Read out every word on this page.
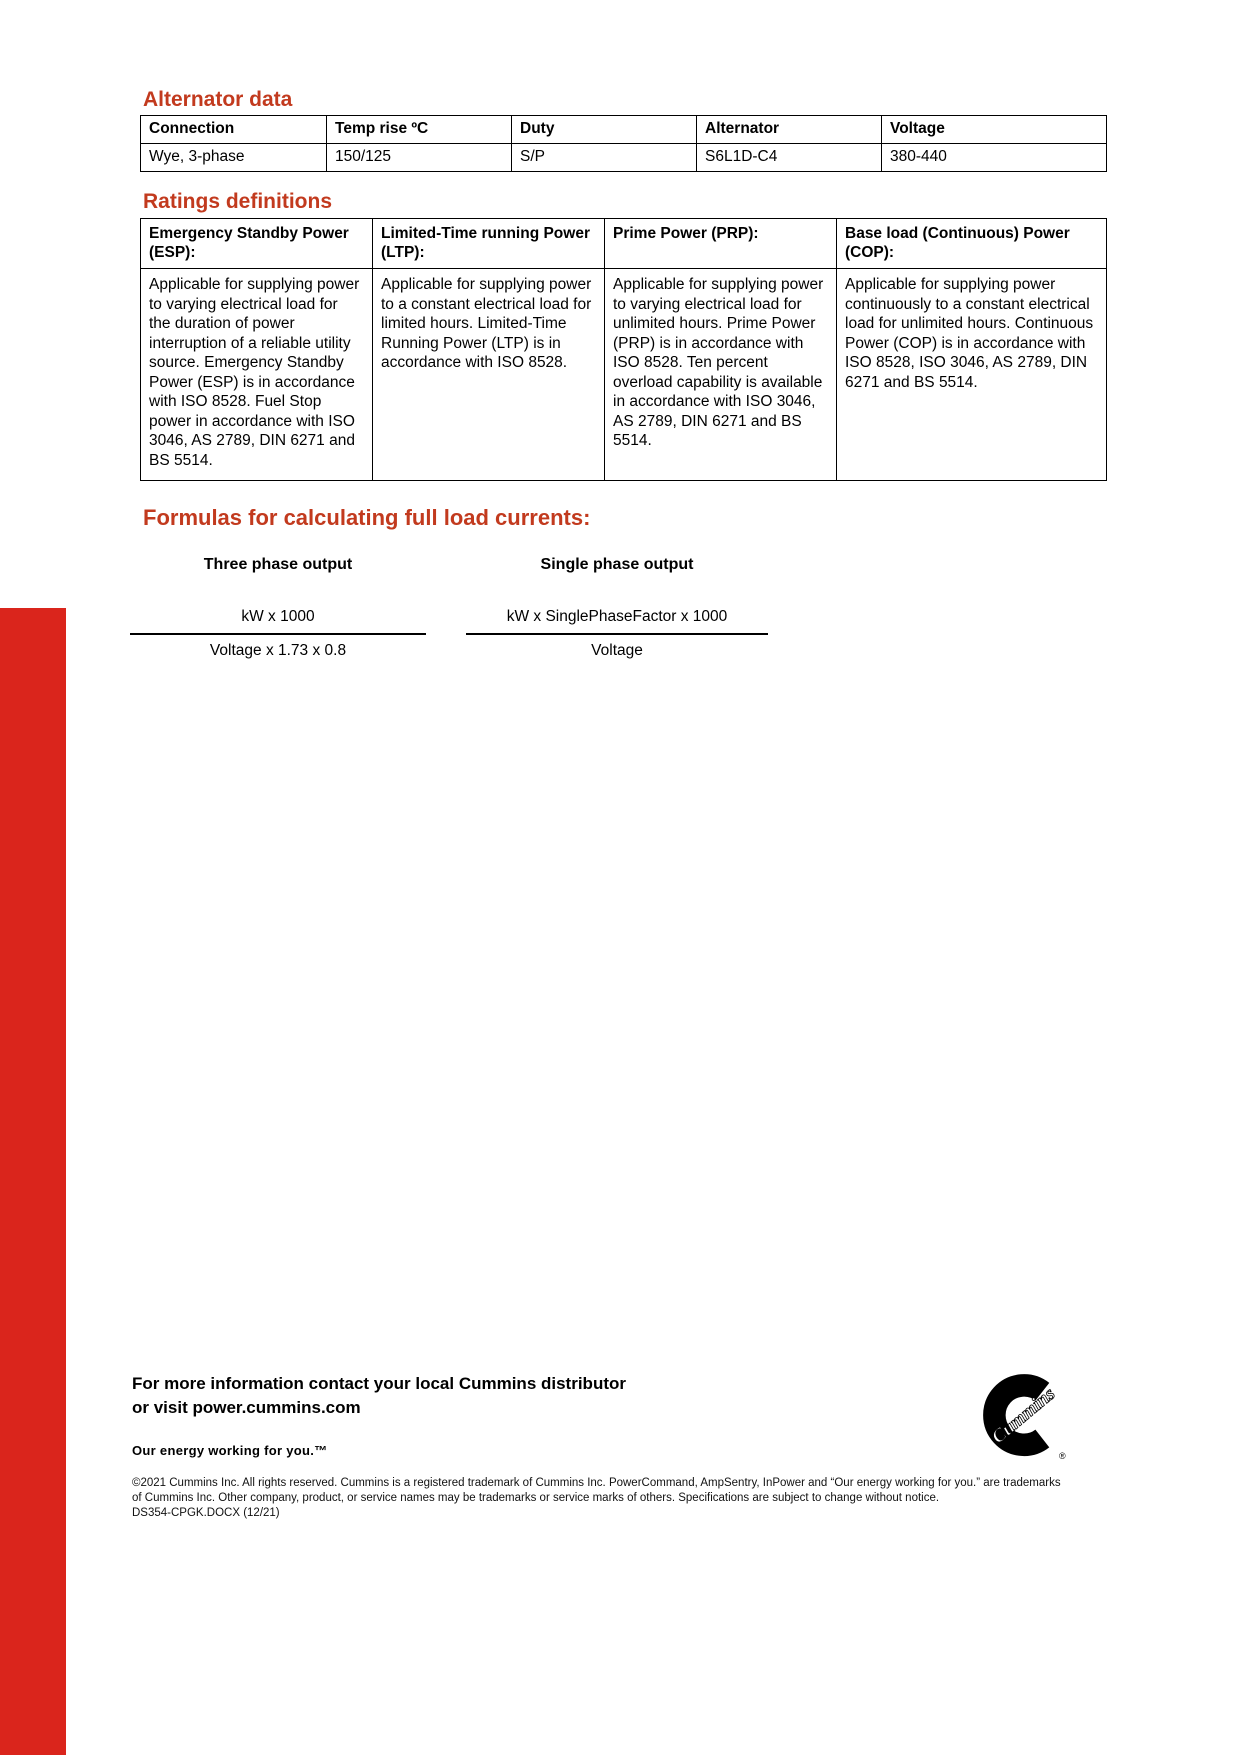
Alternator data
Connection	Temp rise ºC	Duty	Alternator	Voltage
Wye, 3-phase	150/125	S/P	S6L1D-C4	380-440
Ratings definitions
Emergency Standby Power (ESP):	Limited-Time running Power (LTP):	Prime Power (PRP):	Base load (Continuous) Power (COP):
Applicable for supplying power to varying electrical load for the duration of power interruption of a reliable utility source. Emergency Standby Power (ESP) is in accordance with ISO 8528. Fuel Stop power in accordance with ISO 3046, AS 2789, DIN 6271 and BS 5514.	Applicable for supplying power to a constant electrical load for limited hours. Limited-Time Running Power (LTP) is in accordance with ISO 8528.	Applicable for supplying power to varying electrical load for unlimited hours. Prime Power (PRP) is in accordance with ISO 8528. Ten percent overload capability is available in accordance with ISO 3046, AS 2789, DIN 6271 and BS 5514.	Applicable for supplying power continuously to a constant electrical load for unlimited hours. Continuous Power (COP) is in accordance with ISO 8528, ISO 3046, AS 2789, DIN 6271 and BS 5514.
Formulas for calculating full load currents:
Three phase output
kW x 1000
Voltage x 1.73 x 0.8
Single phase output
kW x SinglePhaseFactor x 1000
Voltage
For more information contact your local Cummins distributor
or visit power.cummins.com
Our energy working for you.™
©2021 Cummins Inc. All rights reserved. Cummins is a registered trademark of Cummins Inc. PowerCommand, AmpSentry, InPower and “Our energy working for you.” are trademarks of Cummins Inc. Other company, product, or service names may be trademarks or service marks of others. Specifications are subject to change without notice.
DS354-CPGK.DOCX (12/21)
Cummins
®
